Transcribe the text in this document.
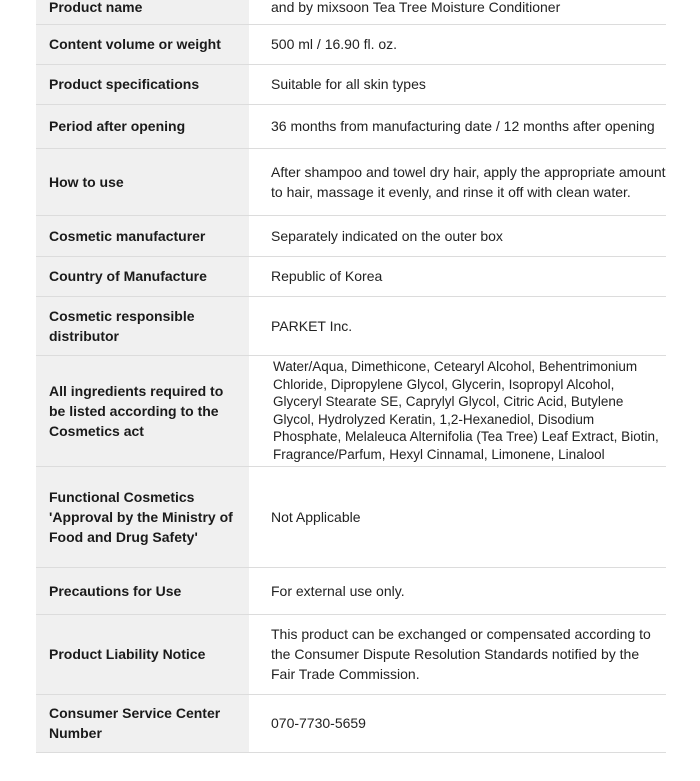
Product name	and by mixsoon Tea Tree Moisture Conditioner
Content volume or weight	500 ml / 16.90 fl. oz.
Product specifications	Suitable for all skin types
Period after opening	36 months from manufacturing date / 12 months after opening
How to use	After shampoo and towel dry hair, apply the appropriate amount to hair, massage it evenly, and rinse it off with clean water.
Cosmetic manufacturer	Separately indicated on the outer box
Country of Manufacture	Republic of Korea
Cosmetic responsible distributor	PARKET Inc.
All ingredients required to be listed according to the Cosmetics act	Water/Aqua, Dimethicone, Cetearyl Alcohol, Behentrimonium Chloride, Dipropylene Glycol, Glycerin, Isopropyl Alcohol, Glyceryl Stearate SE, Caprylyl Glycol, Citric Acid, Butylene Glycol, Hydrolyzed Keratin, 1,2-Hexanediol, Disodium Phosphate, Melaleuca Alternifolia (Tea Tree) Leaf Extract, Biotin, Fragrance/Parfum, Hexyl Cinnamal, Limonene, Linalool
Functional Cosmetics 'Approval by the Ministry of Food and Drug Safety'	Not Applicable
Precautions for Use	For external use only.
Product Liability Notice	This product can be exchanged or compensated according to the Consumer Dispute Resolution Standards notified by the Fair Trade Commission.
Consumer Service Center Number	070-7730-5659
